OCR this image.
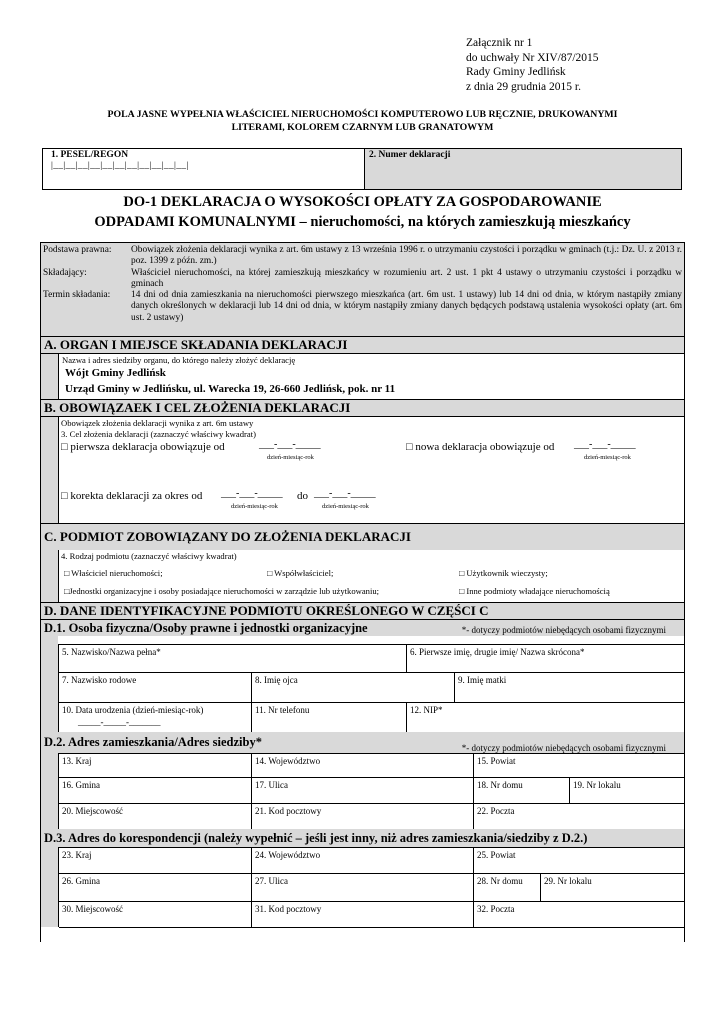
Załącznik nr 1
do uchwały Nr XIV/87/2015
Rady Gminy Jedlińsk
z dnia 29 grudnia 2015 r.
POLA JASNE WYPEŁNIA WŁAŚCICIEL NIERUCHOMOŚCI KOMPUTEROWO LUB RĘCZNIE, DRUKOWANYMI
LITERAMI, KOLOREM CZARNYM LUB GRANATOWYM
1. PESEL/REGON
|__|__|__|__|__|__|__|__|__|__|__|
2. Numer deklaracji
DO-1 DEKLARACJA O WYSOKOŚCI OPŁATY ZA GOSPODAROWANIE
ODPADAMI KOMUNALNYMI – nieruchomości, na których zamieszkują mieszkańcy
Podstawa prawna:	Obowiązek złożenia deklaracji wynika z art. 6m ustawy z 13 września 1996 r. o utrzymaniu czystości i porządku w gminach (t.j.: Dz. U. z 2013 r. poz. 1399 z późn. zm.)
Składający:	Właściciel nieruchomości, na której zamieszkują mieszkańcy w rozumieniu art. 2 ust. 1 pkt 4 ustawy o utrzymaniu czystości i porządku w gminach
Termin składania:	14 dni od dnia zamieszkania na nieruchomości pierwszego mieszkańca (art. 6m ust. 1 ustawy) lub 14 dni od dnia, w którym nastąpiły zmiany danych określonych w deklaracji lub 14 dni od dnia, w którym nastąpiły zmiany danych będących podstawą ustalenia wysokości opłaty (art. 6m ust. 2 ustawy)
A. ORGAN I MIEJSCE SKŁADANIA DEKLARACJI
Nazwa i adres siedziby organu, do którego należy złożyć deklarację
Wójt Gminy Jedlińsk
Urząd Gminy w Jedlińsku, ul. Warecka 19, 26-660 Jedlińsk, pok. nr 11
B. OBOWIĄZAEK I CEL ZŁOŻENIA DEKLARACJI
Obowiązek złożenia deklaracji wynika z art. 6m ustawy
3. Cel złożenia deklaracji (zaznaczyć właściwy kwadrat)
□ pierwsza deklaracja obowiązuje od	___-___-_____
dzień-miesiąc-rok
□ nowa deklaracja obowiązuje od ___-___-_____
dzień-miesiąc-rok
□ korekta deklaracji za okres od ___-___-_____
dzień-miesiąc-rok
do ___-___-_____
dzień-miesiąc-rok
C. PODMIOT ZOBOWIĄZANY DO ZŁOŻENIA DEKLARACJI
4. Rodzaj podmiotu (zaznaczyć właściwy kwadrat)
□ Właściciel nieruchomości;	□ Współwłaściciel;	□ Użytkownik wieczysty;
□Jednostki organizacyjne i osoby posiadające nieruchomości w zarządzie lub użytkowaniu;	□ Inne podmioty władające nieruchomością
D. DANE IDENTYFIKACYJNE PODMIOTU OKREŚLONEGO W CZĘŚCI C
D.1. Osoba fizyczna/Osoby prawne i jednostki organizacyjne	*- dotyczy podmiotów niebędących osobami fizycznymi
5. Nazwisko/Nazwa pełna*	6. Pierwsze imię, drugie imię/ Nazwa skrócona*
7. Nazwisko rodowe	8. Imię ojca	9. Imię matki
10. Data urodzenia (dzień-miesiąc-rok)
_____-_____-_______
11. Nr telefonu	12. NIP*
D.2. Adres zamieszkania/Adres siedziby*	*- dotyczy podmiotów niebędących osobami fizycznymi
13. Kraj	14. Województwo	15. Powiat
16. Gmina	17. Ulica	18. Nr domu	19. Nr lokalu
20. Miejscowość	21. Kod pocztowy	22. Poczta
D.3. Adres do korespondencji (należy wypełnić – jeśli jest inny, niż adres zamieszkania/siedziby z D.2.)
23. Kraj	24. Województwo	25. Powiat
26. Gmina	27. Ulica	28. Nr domu	29. Nr lokalu
30. Miejscowość	31. Kod pocztowy	32. Poczta
